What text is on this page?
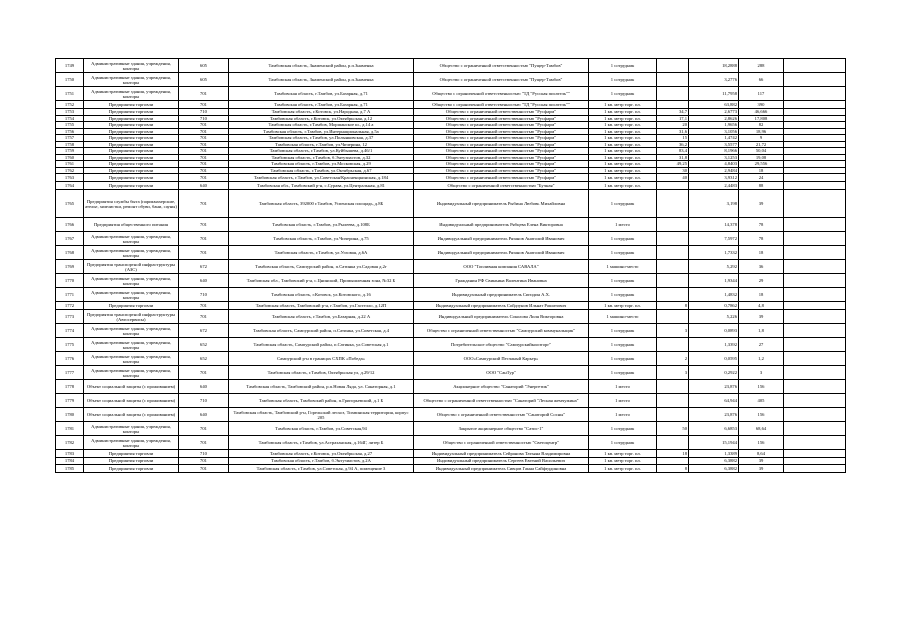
1749	Административные здания, учреждения, конторы	605	Тамбовская область, Знаменский район, р.п.Знаменка	Общество с ограниченной ответственностью "Пущер-Тамбов"	1 сотрудник		18,2888	288	
1750	Административные здания, учреждения, конторы	605	Тамбовская область, Знаменский район, р.п.Знаменка	Общество с ограниченной ответственностью "Пущер-Тамбов"	1 сотрудник		3,2776	66	
1751	Административные здания, учреждения, конторы	701	Тамбовская область, г.Тамбов, ул.Базарная, д.71	Общество с ограниченной ответственностью "ТД "Русская писатель""	1 сотрудник		11,7958	117	
1752	Предприятия торговли	701	Тамбовская область, г.Тамбов, ул.Базарная, д.71	Общество с ограниченной ответственностью "ТД "Русская писатель""	1 кв. метр торг. пл.		63,882	390	
1753	Предприятия торговли	710	Тамбовская область, г.Котовск, ул.Народная, д.7 А	Общество с ограниченной ответственностью "Русфарм"	1 кв. метр торг. пл.	34,7	2,6773	46,666	
1754	Предприятия торговли	710	Тамбовская область, г.Котовск, ул.Октябрьская, д.12	Общество с ограниченной ответственностью "Русфарм"	1 кв. метр торг. пл.	17,1	2,8626	17,808	
1755	Предприятия торговли	701	Тамбовская область, г.Тамбов, Моршанское ш., д.14 а	Общество с ограниченной ответственностью "Русфарм"	1 кв. метр торг. пл.	20	1,9656	82	
1756	Предприятия торговли	701	Тамбовская область, г.Тамбов, ул.Интернациональная, д.5а	Общество с ограниченной ответственностью "Русфарм"	1 кв. метр торг. пл.	31,6	3,1056	18,96	
1757	Предприятия торговли	701	Тамбовская область, г.Тамбов, ул.Полынковская, д.37	Общество с ограниченной ответственностью "Русфарм"	1 кв. метр торг. пл.	15	1,4742	9	
1758	Предприятия торговли	701	Тамбовская область, г.Тамбов, ул.Чичерина, 12	Общество с ограниченной ответственностью "Русфарм"	1 кв. метр торг. пл.	36,2	3,5577	21,72	
1759	Предприятия торговли	701	Тамбовская область, г.Тамбов, ул.Куйбышева, д.46/1	Общество с ограниченной ответственностью "Русфарм"	1 кв. метр торг. пл.	83,4	8,1966	50,04	
1760	Предприятия торговли	701	Тамбовская область, г.Тамбов, б.Энтузиастов, д.32	Общество с ограниченной ответственностью "Русфарм"	1 кв. метр торг. пл.	31,8	3,1253	19,08	
1761	Предприятия торговли	701	Тамбовская область, г.Тамбов, ул.Московская, д.29	Общество с ограниченной ответственностью "Русфарм"	1 кв. метр торг. пл.	49,25	4,8403	29,556	
1762	Предприятия торговли	701	Тамбовская область, г.Тамбов, ул.Октябрьская, д.67	Общество с ограниченной ответственностью "Русфарм"	1 кв. метр торг. пл.	30	2,9484	18	
1763	Предприятия торговли	701	Тамбовская область, г.Тамбов, ул.Советская/Красненцкинская, д.184	Общество с ограниченной ответственностью "Русфарм"	1 кв. метр торг. пл.	40	3,9312	24	
1764	Предприятия торговли	640	Тамбовская обл., Тамбовский р-н, с.Сурава, ул.Центральная, д.81	Общество с ограниченной ответственностью "Бучная"	1 кв. метр торг. пл.		2,4483	88	
1765	Предприятия службы быта (парикмахерские, ателье, химчистки, ремонт обуви, бани, сауны)	701	Тамбовская область, 392000 г.Тамбов, Успенская площадь, д.8Б	Индивидуальный предприниматель Рыбина Любовь Михайловна	1 сотрудник		3,198	39	
1766	Предприятия общественного питания	701	Тамбовская область, г.Тамбов, ул.Рылеева, д.108Б	Индивидуальный предприниматель Рябцева Елена Викторовна	1 место		14,378	78	
1767	Административные здания, учреждения, конторы	701	Тамбовская область, г.Тамбов, ул.Чичерина, д.75	Индивидуальный предприниматель Рязанов Анатолий Иванович	1 сотрудник		7,5972	78	
1768	Административные здания, учреждения, конторы	701	Тамбовская область, г.Тамбов, ул.Угловая, д.6А	Индивидуальный предприниматель Рязанов Анатолий Иванович	1 сотрудник		1,7332	18	
1769	Предприятия транспортной инфраструктуры (АЗС)	672	Тамбовская область, Сампурский район, п.Сатинка ул.Садовая д.2г	ООО "Топливная компания САВАЛА"	1 машино-место		5,292	36	
1770	Административные здания, учреждения, конторы	640	Тамбовская обл., Тамбовский р-н, с.Цнинский, Промышленная зона, №32 Б	Гражданин РФ Свиньина Валентина Ивановна	1 сотрудник		1,9344	29	
1771	Административные здания, учреждения, конторы	710	Тамбовская область, г.Котовск, ул.Котовского, д.16	Индивидуальный предприниматель Сигидин А.Х.	1 сотрудник		1,4832	18	
1772	Предприятия торговли	701	Тамбовская область, Тамбовский р-н, г.Тамбов, ул.Гастелло, д.12П	Индивидуальный предприниматель Сойдзунов Ильнат Рашитович	1 кв. метр торг. пл.	8	0,7862	4,8	
1773	Предприятия транспортной инфраструктуры (Автосервисы)	701	Тамбовская область, г.Тамбов, ул.Базарная, д.22 А	Индивидуальный предприниматель Соколова Лиля Викторовна	1 машино-место		5,226	39	
1774	Административные здания, учреждения, конторы	672	Тамбовская область, Сампурский район, п.Сатинка, ул.Советская, д.4	Общество с ограниченной ответственностью "Сампурский коммунальщик"	1 сотрудник	3	0,0893	1,8	
1775	Административные здания, учреждения, конторы	652	Тамбовская область, Сампурский район, п.Сатинка, ул.Советская д.1	Потребительское общество "Сампурскийкоопторг"	1 сотрудник		1,3392	27	
1776	Административные здания, учреждения, конторы	652	Сампурский р-н в границах СХПК «Победа»	ООО«Сампурский Песчаный Карьер»	1 сотрудник	2	0,0595	1,2	
1777	Административные здания, учреждения, конторы	701	Тамбовская область, г.Тамбов, Октябрьская ул, д.29/12	ООО "СанТур"	1 сотрудник	3	0,2922	3	
1778	Объект социальной защиты (с проживанием)	640	Тамбовская область, Тамбовский район, р.п.Новая Ляда, ул. Санаторная, д.1	Акционерное общество "Санаторий "Энергетик"	1 место		23,876	156	
1779	Объект социальной защиты (с проживанием)	710	Тамбовская область, Тамбовский район, п.Григорьевский, д.1 Б	Общество с ограниченной ответственностью "Санаторий "Лесная жемчужина"	1 место		64,944	405	
1780	Объект социальной защиты (с проживанием)	640	Тамбовская область, Тамбовский р-н, Горельский лесхоз, Тихвинская территория, корпус 205	Общество с ограниченной ответственностью "Санаторий Сосны"	1 место		23,876	156	
1781	Административные здания, учреждения, конторы	701	Тамбовская область, г.Тамбов, ул.Советская,94	Закрытое акционерное общество "Сатис-1"	1 сотрудник	50	6,6853	68,64	
1782	Административные здания, учреждения, конторы	701	Тамбовская область, г.Тамбов, ул.Астраханская, д.164Г, литер Б	Общество с ограниченной ответственностью "Светоцентр"	1 сотрудник		15,1944	156	
1783	Предприятия торговли	710	Тамбовская область, г.Котовск, ул.Октябрьская, д.27	Индивидуальный предприниматель Сейранова Татьяна Владимировна	1 кв. метр торг. пл.	18	1,3389	8,64	
1784	Предприятия торговли	701	Тамбовская область, г.Тамбов, б.Энтузиастов, д.2А	Индивидуальный предприниматель Сергеев Евгений Васильевич	1 кв. метр торг. пл.		6,3882	39	
1785	Предприятия торговли	701	Тамбовская область, г.Тамбов, ул.Советская, д.94 А, помещение 3	Индивидуальный предприниматель Сивцов Ганна Сайфеддиновна	1 кв. метр торг. пл.	8	6,3882	39	
